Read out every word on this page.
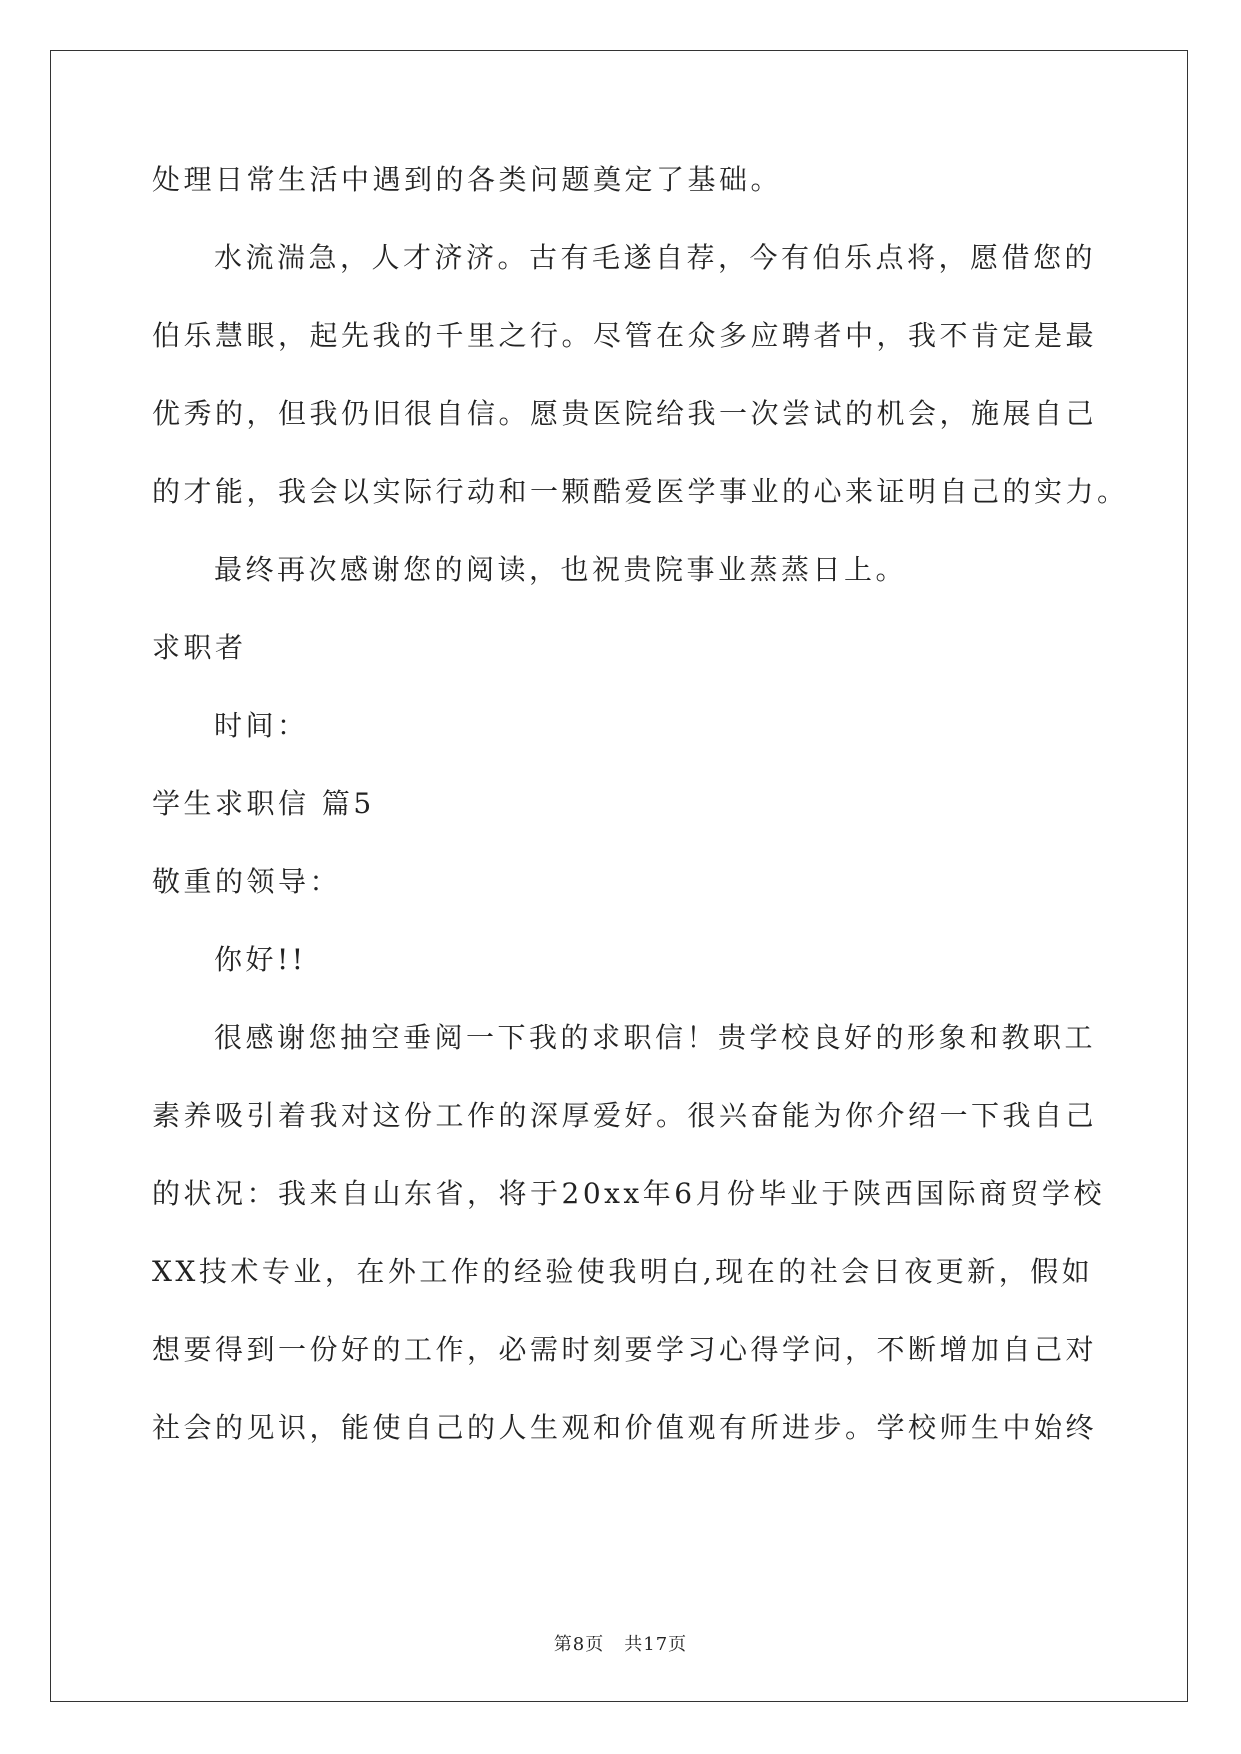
处理日常生活中遇到的各类问题奠定了基础。
水流湍急，人才济济。古有毛遂自荐，今有伯乐点将，愿借您的
伯乐慧眼，起先我的千里之行。尽管在众多应聘者中，我不肯定是最
优秀的，但我仍旧很自信。愿贵医院给我一次尝试的机会，施展自己
的才能，我会以实际行动和一颗酷爱医学事业的心来证明自己的实力。
最终再次感谢您的阅读，也祝贵院事业蒸蒸日上。
求职者
时间：
学生求职信 篇5
敬重的领导：
你好!!
很感谢您抽空垂阅一下我的求职信！贵学校良好的形象和教职工
素养吸引着我对这份工作的深厚爱好。很兴奋能为你介绍一下我自己
的状况：我来自山东省，将于20xx年6月份毕业于陕西国际商贸学校
XX技术专业，在外工作的经验使我明白,现在的社会日夜更新，假如
想要得到一份好的工作，必需时刻要学习心得学问，不断增加自己对
社会的见识，能使自己的人生观和价值观有所进步。学校师生中始终
第8页 共17页
